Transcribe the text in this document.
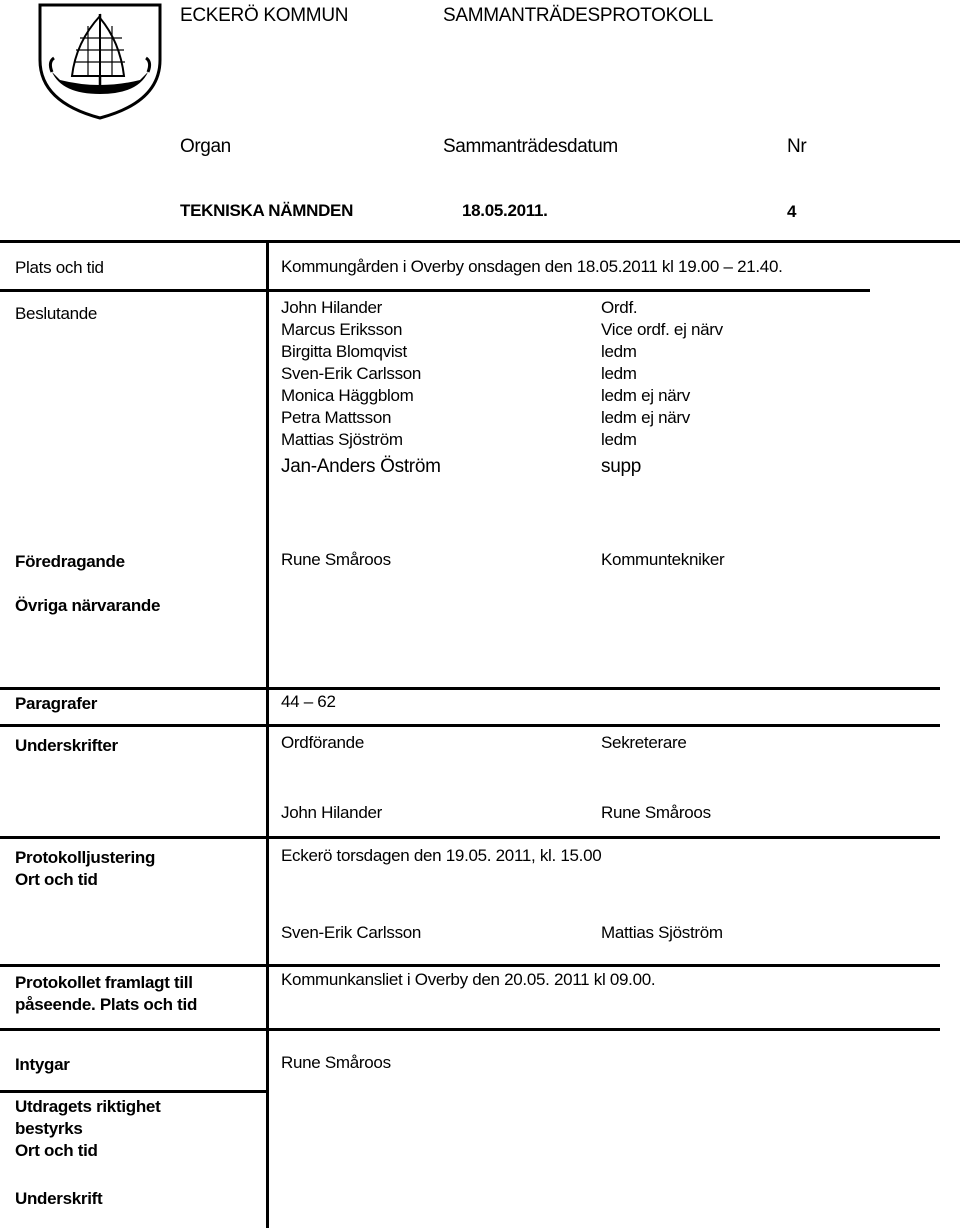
ECKERÖ KOMMUN	SAMMANTRÄDESPROTOKOLL
Organ	Sammanträdesdatum	Nr
TEKNISKA NÄMNDEN	18.05.2011.	4
Plats och tid	Kommungården i Overby onsdagen den 18.05.2011 kl 19.00 – 21.40.
Beslutande	John Hilander	Ordf.
Marcus Eriksson	Vice ordf. ej närv
Birgitta Blomqvist	ledm
Sven-Erik Carlsson	ledm
Monica Häggblom	ledm ej närv
Petra Mattsson	ledm ej närv
Mattias Sjöström	ledm
Jan-Anders Öström	supp
Föredragande	Rune Småroos	Kommuntekniker
Övriga närvarande
Paragrafer	44 – 62
Underskrifter	Ordförande	Sekreterare
John Hilander	Rune Småroos
Protokolljustering
Ort och tid
Eckerö torsdagen den 19.05. 2011, kl. 15.00
Sven-Erik Carlsson	Mattias Sjöström
Protokollet framlagt till
påseende. Plats och tid
Kommunkansliet i Overby den 20.05. 2011 kl 09.00.
Intygar	Rune Småroos
Utdragets riktighet
bestyrks
Ort och tid
Underskrift
